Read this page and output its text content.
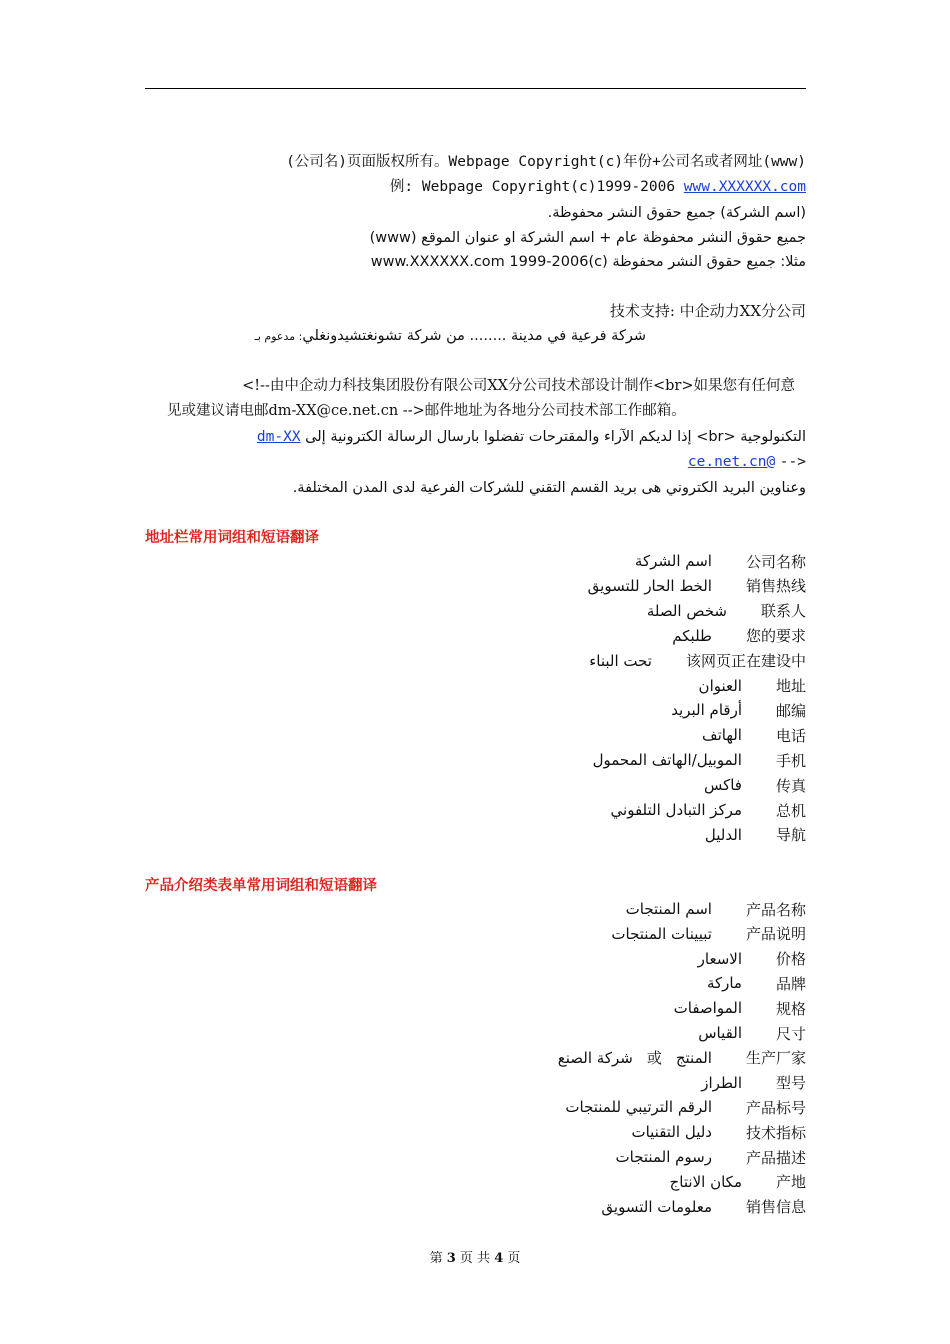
(公司名)页面版权所有。Webpage Copyright(c)年份+公司名或者网址(www)
例: Webpage Copyright(c)1999-2006 www.XXXXXX.com
(اسم الشركة) جميع حقوق النشر محفوظة.
جميع حقوق النشر محفوظة عام + اسم الشركة او عنوان الموقع (www)
مثلا: جميع حقوق النشر محفوظة (c)www.XXXXXX.com 1999-2006
技术支持: 中企动力XX分公司
شركة فرعية في مدينة ........ من شركة تشونغتشيدونغلي: مدعوم بـ
<!--由中企动力科技集团股份有限公司XX分公司技术部设计制作<br>如果您有任何意
见或建议请电邮dm-XX@ce.net.cn -->邮件地址为各地分公司技术部工作邮箱。
التكنولوجية <br> إذا لديكم الآراء والمقترحات تفضلوا بارسال الرسالة الكترونية إلى dm-XX
<-- @ce.net.cn
وعناوين البريد الكتروني هى بريد القسم التقني للشركات الفرعية لدى المدن المختلفة.
地址栏常用词组和短语翻译
公司名称
اسم الشركة
销售热线
الخط الحار للتسويق
联系人
شخص الصلة
您的要求
طلبكم
该网页正在建设中
تحت البناء
地址
العنوان
邮编
أرقام البريد
电话
الهاتف
手机
الموبيل/الهاتف المحمول
传真
فاكس
总机
مركز التبادل التلفوني
导航
الدليل
产品介绍类表单常用词组和短语翻译
产品名称
اسم المنتجات
产品说明
تبيينات المنتجات
价格
الاسعار
品牌
ماركة
规格
المواصفات
尺寸
القياس
生产厂家
المنتج
或
شركة الصنع
型号
الطراز
产品标号
الرقم الترتيبي للمنتجات
技术指标
دليل التقنيات
产品描述
رسوم المنتجات
产地
مكان الانتاج
销售信息
معلومات التسويق
第 3 页 共 4 页
